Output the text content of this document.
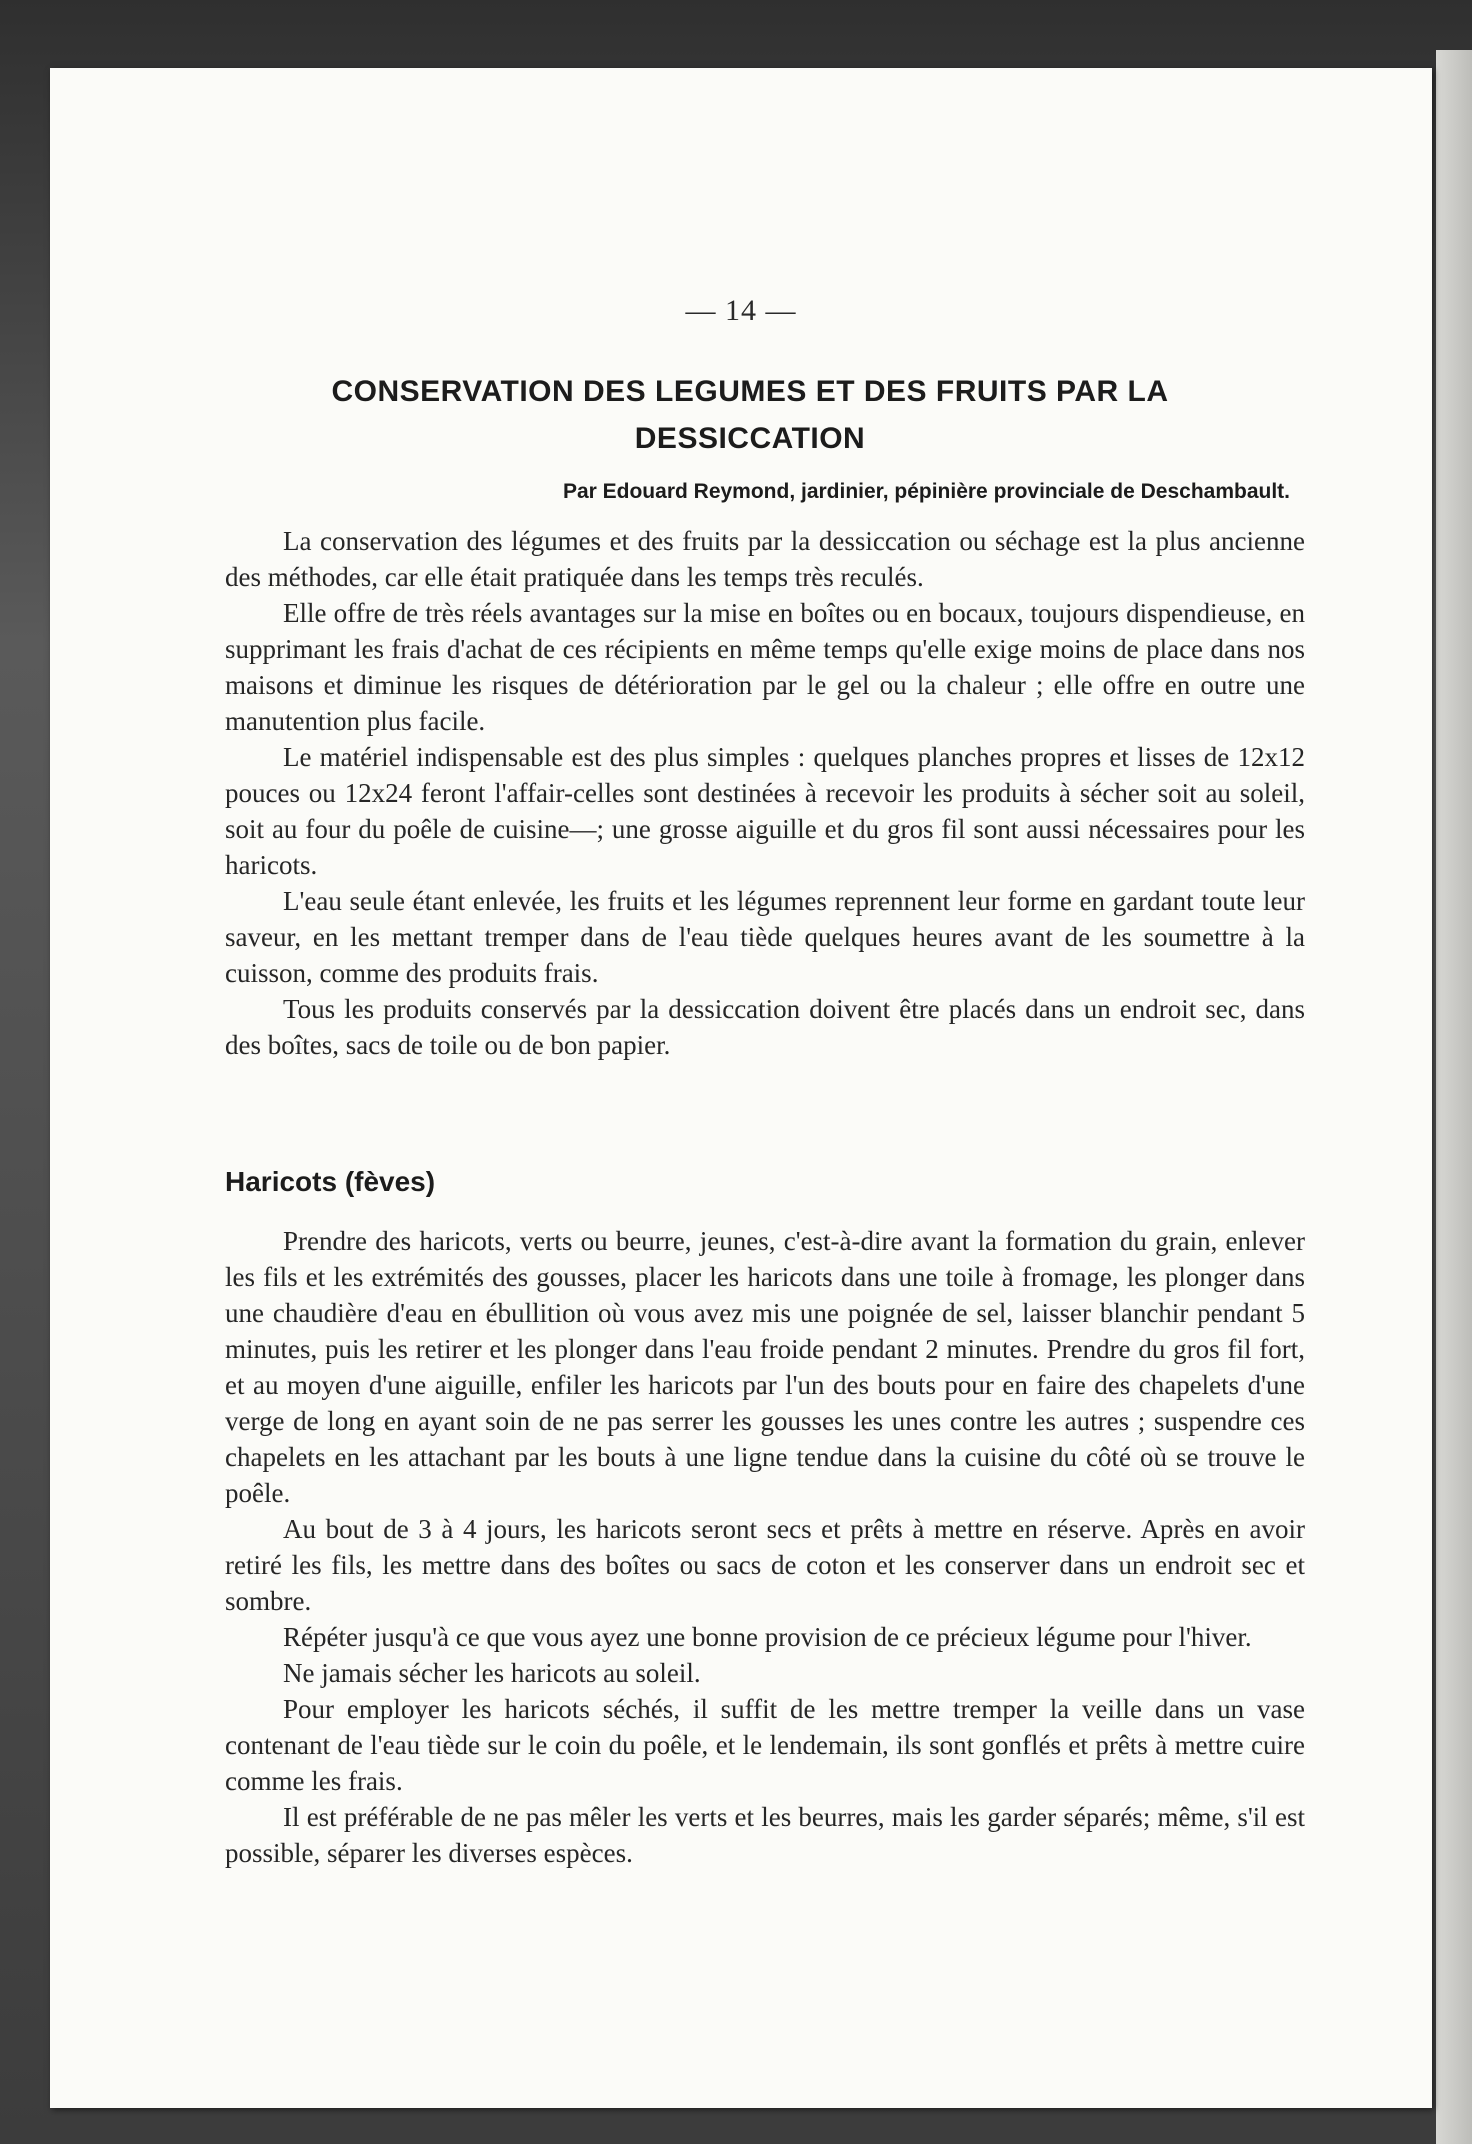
— 14 —
CONSERVATION DES LEGUMES ET DES FRUITS PAR LA DESSICCATION
Par Edouard Reymond, jardinier, pépinière provinciale de Deschambault.

La conservation des légumes et des fruits par la dessiccation ou séchage est la plus ancienne des méthodes, car elle était pratiquée dans les temps très reculés.

Elle offre de très réels avantages sur la mise en boîtes ou en bocaux, toujours dispendieuse, en supprimant les frais d'achat de ces récipients en même temps qu'elle exige moins de place dans nos maisons et diminue les risques de détérioration par le gel ou la chaleur ; elle offre en outre une manutention plus facile.

Le matériel indispensable est des plus simples : quelques planches propres et lisses de 12x12 pouces ou 12x24 feront l'affair-celles sont destinées à recevoir les produits à sécher soit au soleil, soit au four du poêle de cuisine—; une grosse aiguille et du gros fil sont aussi nécessaires pour les haricots.

L'eau seule étant enlevée, les fruits et les légumes reprennent leur forme en gardant toute leur saveur, en les mettant tremper dans de l'eau tiède quelques heures avant de les soumettre à la cuisson, comme des produits frais.

Tous les produits conservés par la dessiccation doivent être placés dans un endroit sec, dans des boîtes, sacs de toile ou de bon papier.

Haricots (fèves)

Prendre des haricots, verts ou beurre, jeunes, c'est-à-dire avant la formation du grain, enlever les fils et les extrémités des gousses, placer les haricots dans une toile à fromage, les plonger dans une chaudière d'eau en ébullition où vous avez mis une poignée de sel, laisser blanchir pendant 5 minutes, puis les retirer et les plonger dans l'eau froide pendant 2 minutes. Prendre du gros fil fort, et au moyen d'une aiguille, enfiler les haricots par l'un des bouts pour en faire des chapelets d'une verge de long en ayant soin de ne pas serrer les gousses les unes contre les autres ; suspendre ces chapelets en les attachant par les bouts à une ligne tendue dans la cuisine du côté où se trouve le poêle.

Au bout de 3 à 4 jours, les haricots seront secs et prêts à mettre en réserve. Après en avoir retiré les fils, les mettre dans des boîtes ou sacs de coton et les conserver dans un endroit sec et sombre.

Répéter jusqu'à ce que vous ayez une bonne provision de ce précieux légume pour l'hiver.

Ne jamais sécher les haricots au soleil.

Pour employer les haricots séchés, il suffit de les mettre tremper la veille dans un vase contenant de l'eau tiède sur le coin du poêle, et le lendemain, ils sont gonflés et prêts à mettre cuire comme les frais.

Il est préférable de ne pas mêler les verts et les beurres, mais les garder séparés; même, s'il est possible, séparer les diverses espèces.
